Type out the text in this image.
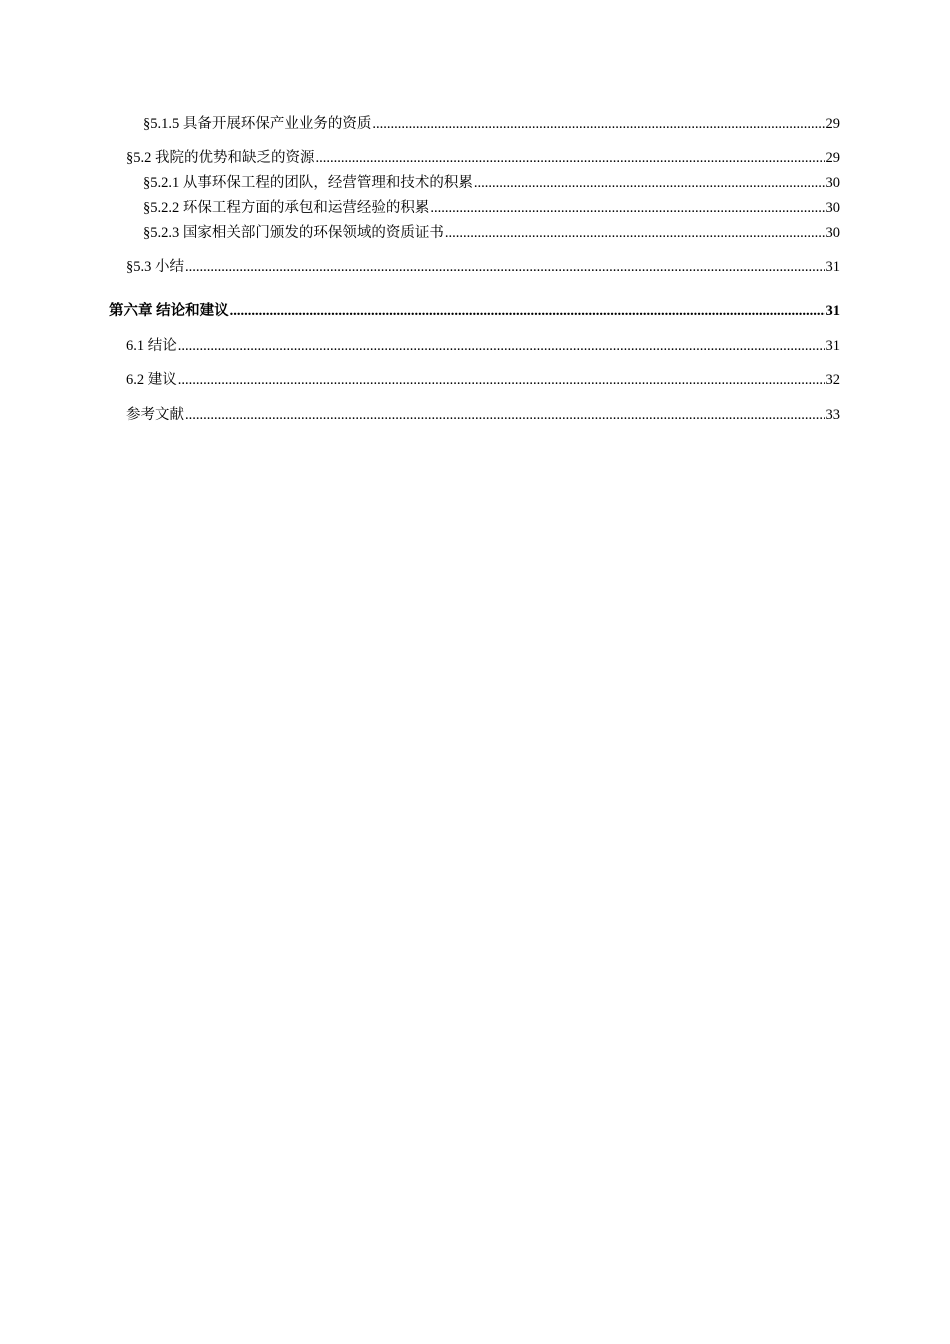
§5.1.5 具备开展环保产业业务的资质 .....	29
§5.2 我院的优势和缺乏的资源 .....	29
§5.2.1 从事环保工程的团队，经营管理和技术的积累 .....	30
§5.2.2 环保工程方面的承包和运营经验的积累 .....	30
§5.2.3 国家相关部门颁发的环保领域的资质证书 .....	30
§5.3 小结 .....	31
第六章 结论和建议 .....	31
6.1 结论 .....	31
6.2 建议 .....	32
参考文献 .....	33
